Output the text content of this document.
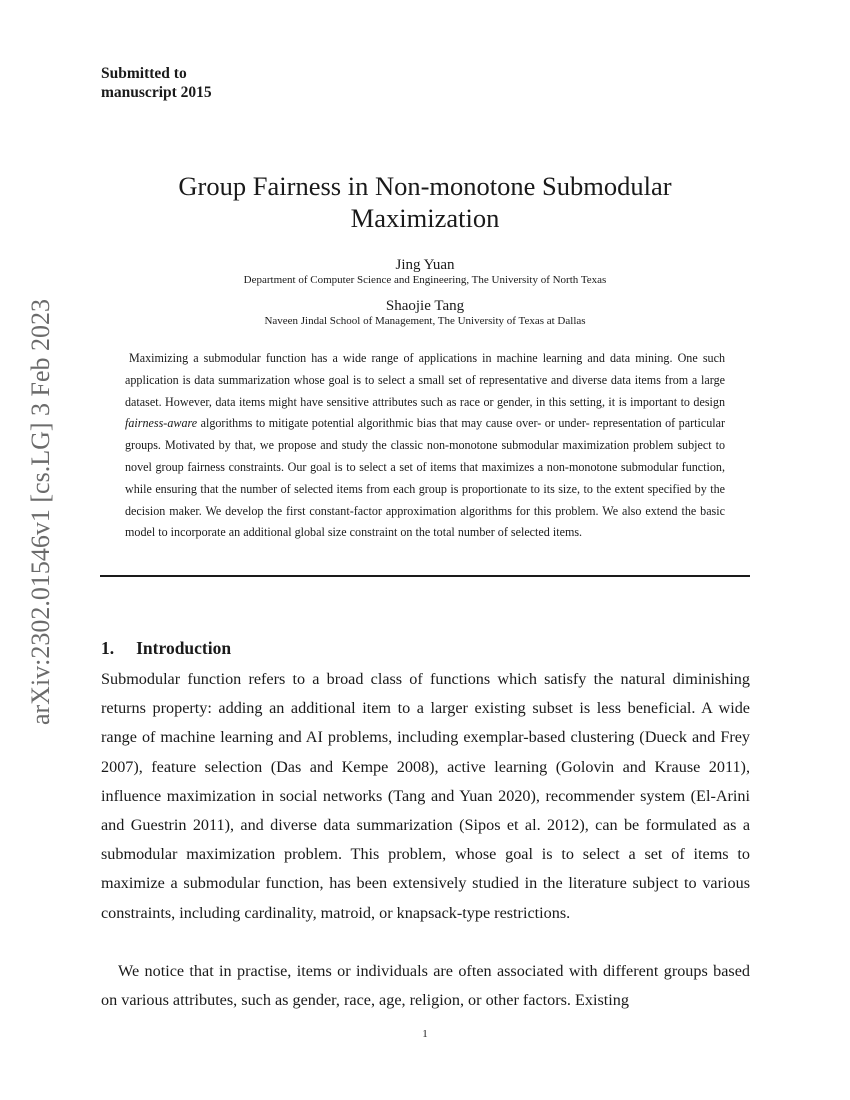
Submitted to
manuscript 2015
arXiv:2302.01546v1 [cs.LG] 3 Feb 2023
Group Fairness in Non-monotone Submodular
Maximization
Jing Yuan
Department of Computer Science and Engineering, The University of North Texas
Shaojie Tang
Naveen Jindal School of Management, The University of Texas at Dallas
Maximizing a submodular function has a wide range of applications in machine learning and data mining. One such application is data summarization whose goal is to select a small set of representative and diverse data items from a large dataset. However, data items might have sensitive attributes such as race or gender, in this setting, it is important to design fairness-aware algorithms to mitigate potential algorithmic bias that may cause over- or under- representation of particular groups. Motivated by that, we propose and study the classic non-monotone submodular maximization problem subject to novel group fairness constraints. Our goal is to select a set of items that maximizes a non-monotone submodular function, while ensuring that the number of selected items from each group is proportionate to its size, to the extent specified by the decision maker. We develop the first constant-factor approximation algorithms for this problem. We also extend the basic model to incorporate an additional global size constraint on the total number of selected items.
1. Introduction
Submodular function refers to a broad class of functions which satisfy the natural diminishing returns property: adding an additional item to a larger existing subset is less beneficial. A wide range of machine learning and AI problems, including exemplar-based clustering (Dueck and Frey 2007), feature selection (Das and Kempe 2008), active learning (Golovin and Krause 2011), influence maximization in social networks (Tang and Yuan 2020), recommender system (El-Arini and Guestrin 2011), and diverse data summarization (Sipos et al. 2012), can be formulated as a submodular maximization problem. This problem, whose goal is to select a set of items to maximize a submodular function, has been extensively studied in the literature subject to various constraints, including cardinality, matroid, or knapsack-type restrictions.
We notice that in practise, items or individuals are often associated with different groups based on various attributes, such as gender, race, age, religion, or other factors. Existing
1
